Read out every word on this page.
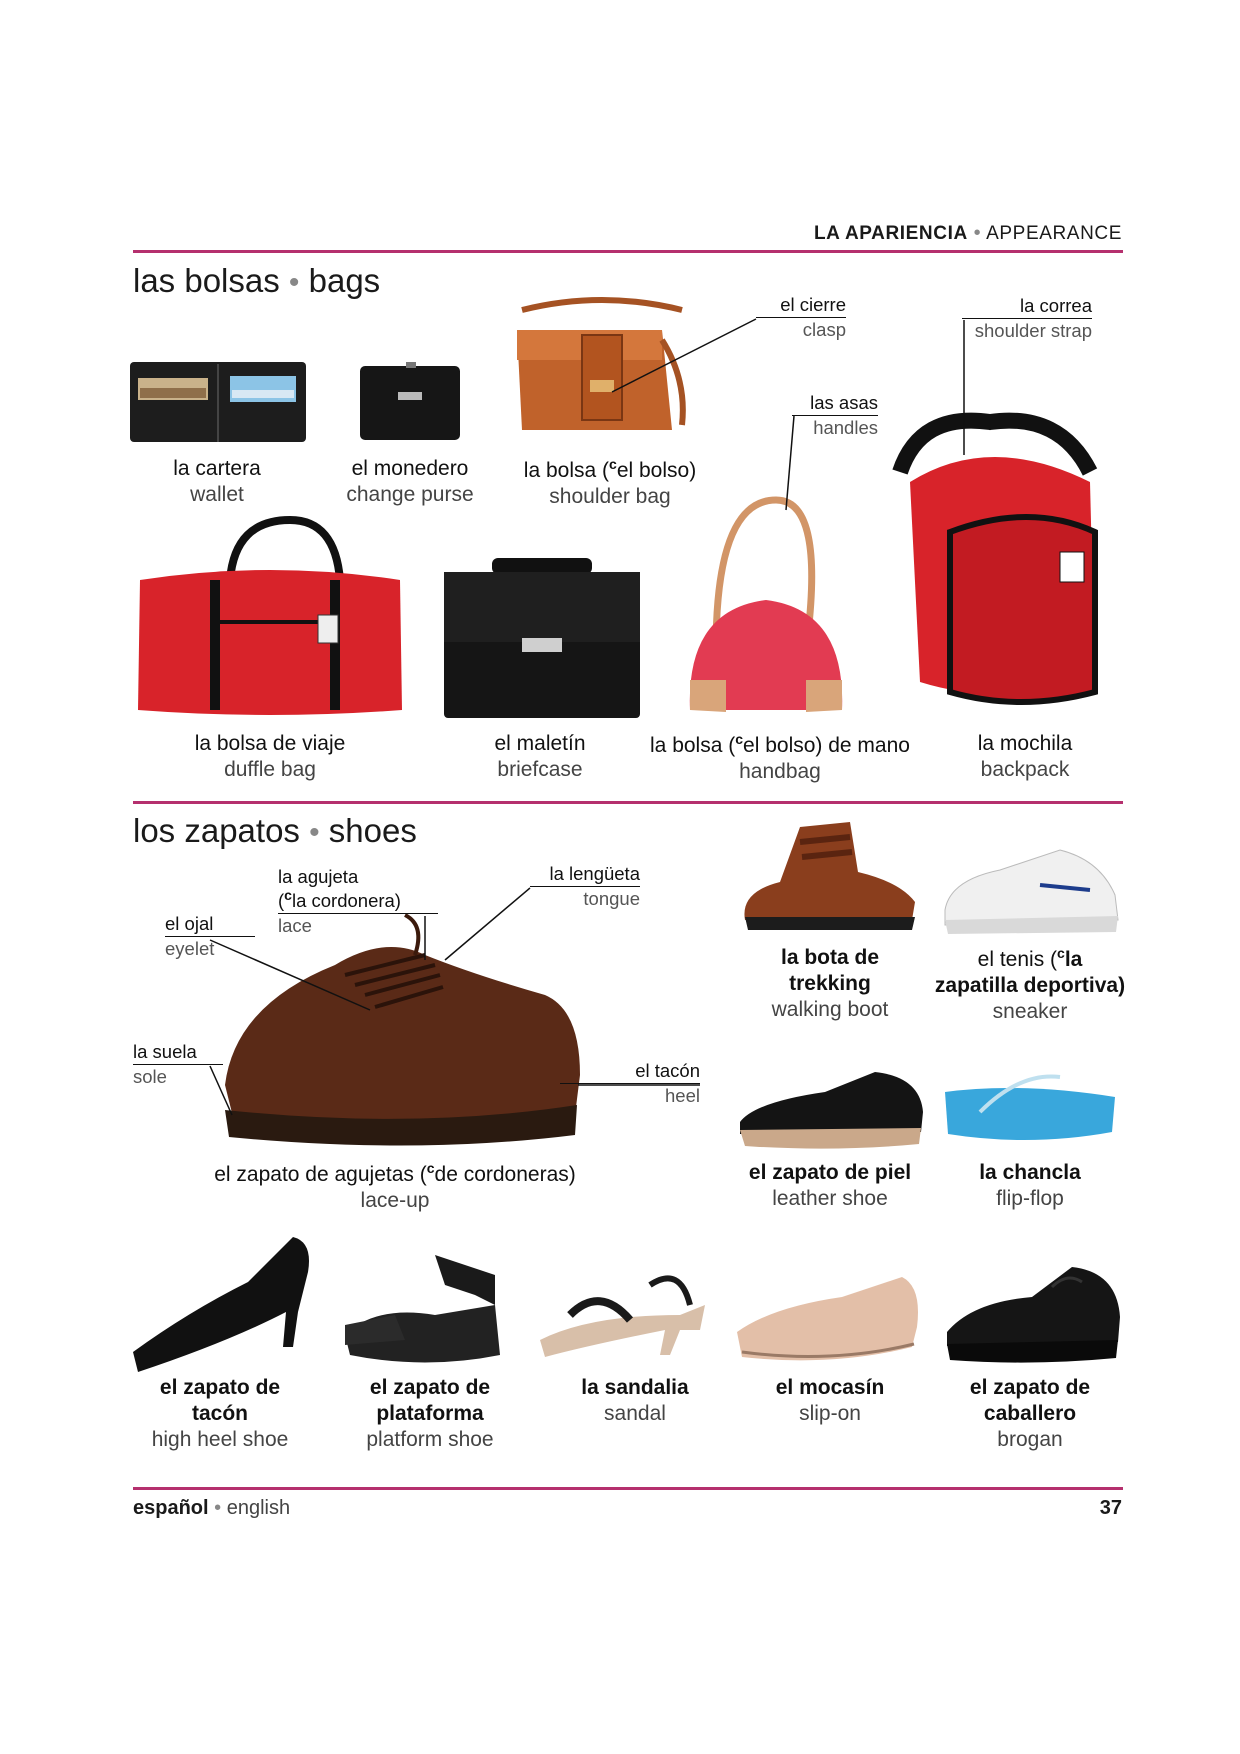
LA APARIENCIA • APPEARANCE
las bolsas • bags
la cartera
wallet
el monedero
change purse
la bolsa ($^c$el bolso)
shoulder bag
la bolsa de viaje
duffle bag
el maletín
briefcase
la bolsa ($^c$el bolso) de mano
handbag
la mochila
backpack
el cierre
clasp
la correa
shoulder strap
las asas
handles
los zapatos • shoes
el zapato de agujetas ($^c$de cordoneras)
lace-up
la agujeta
($^c$la cordonera)
lace
la lengüeta
tongue
el ojal
eyelet
la suela
sole	el tacón
heel
la bota de
trekking
walking boot
el tenis ($^c$la
zapatilla deportiva)
sneaker
el zapato de piel
leather shoe
la chancla
flip-flop
el zapato de
tacón
high heel shoe
el zapato de
plataforma
platform shoe
la sandalia
sandal
el mocasín
slip-on
el zapato de
caballero
brogan
español • english	37
